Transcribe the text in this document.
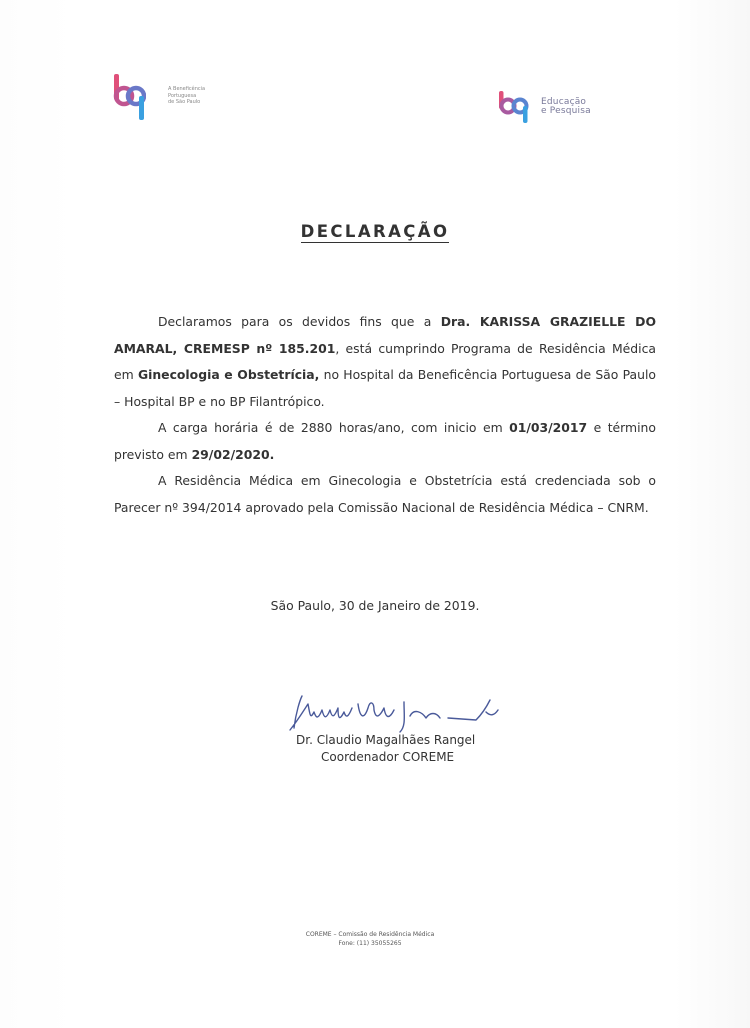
A Beneficência
Portuguesa
de São Paulo	Educação
e Pesquisa
DECLARAÇÃO

Declaramos para os devidos fins que a Dra. KARISSA GRAZIELLE DO AMARAL, CREMESP nº 185.201, está cumprindo Programa de Residência Médica em Ginecologia e Obstetrícia, no Hospital da Beneficência Portuguesa de São Paulo – Hospital BP e no BP Filantrópico.

A carga horária é de 2880 horas/ano, com inicio em 01/03/2017 e término previsto em 29/02/2020.

A Residência Médica em Ginecologia e Obstetrícia está credenciada sob o Parecer nº 394/2014 aprovado pela Comissão Nacional de Residência Médica – CNRM.

São Paulo, 30 de Janeiro de 2019.
Dr. Claudio Magalhães Rangel
Coordenador COREME
COREME – Comissão de Residência Médica
Fone: (11) 35055265
